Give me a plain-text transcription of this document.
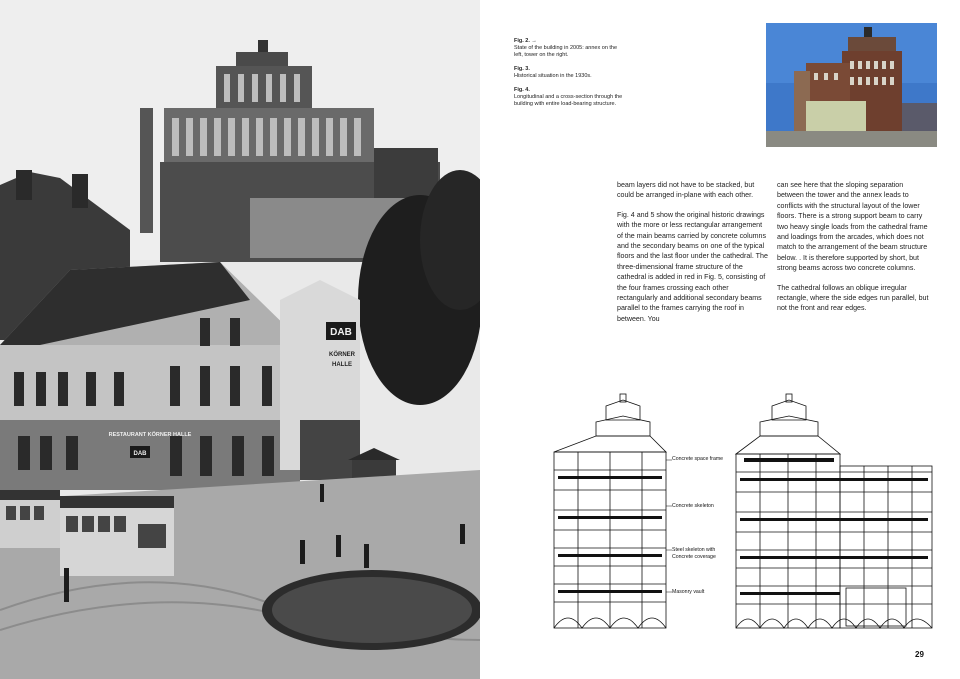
DAB
KÖRNER
HALLE
RESTAURANT KÖRNER HALLE
DAB
Fig. 2. →
State of the building in 2005: annex on the left, tower on the right.
Fig. 3.
Historical situation in the 1930s.
Fig. 4.
Longitudinal and a cross-section through the building with entire load-bearing structure.

beam layers did not have to be stacked, but could be arranged in-plane with each other.

Fig. 4 and 5 show the original historic drawings with the more or less rectangular arrangement of the main beams carried by concrete columns and the secondary beams on one of the typical floors and the last floor under the cathedral. The three-dimensional frame structure of the cathedral is added in red in Fig. 5, consisting of the four frames crossing each other rectangularly and additional secondary beams parallel to the frames carrying the roof in between. You

can see here that the sloping separation between the tower and the annex leads to conflicts with the structural layout of the lower floors. There is a strong support beam to carry two heavy single loads from the cathedral frame and loadings from the arcades, which does not match to the arrangement of the beam structure below. . It is therefore supported by short, but strong beams across two concrete columns.

The cathedral follows an oblique irregular rectangle, where the side edges run parallel, but not the front and rear edges.

Concrete space frame
Concrete skeleton
Steel skeleton with
Concrete coverage
Masonry vault
29
